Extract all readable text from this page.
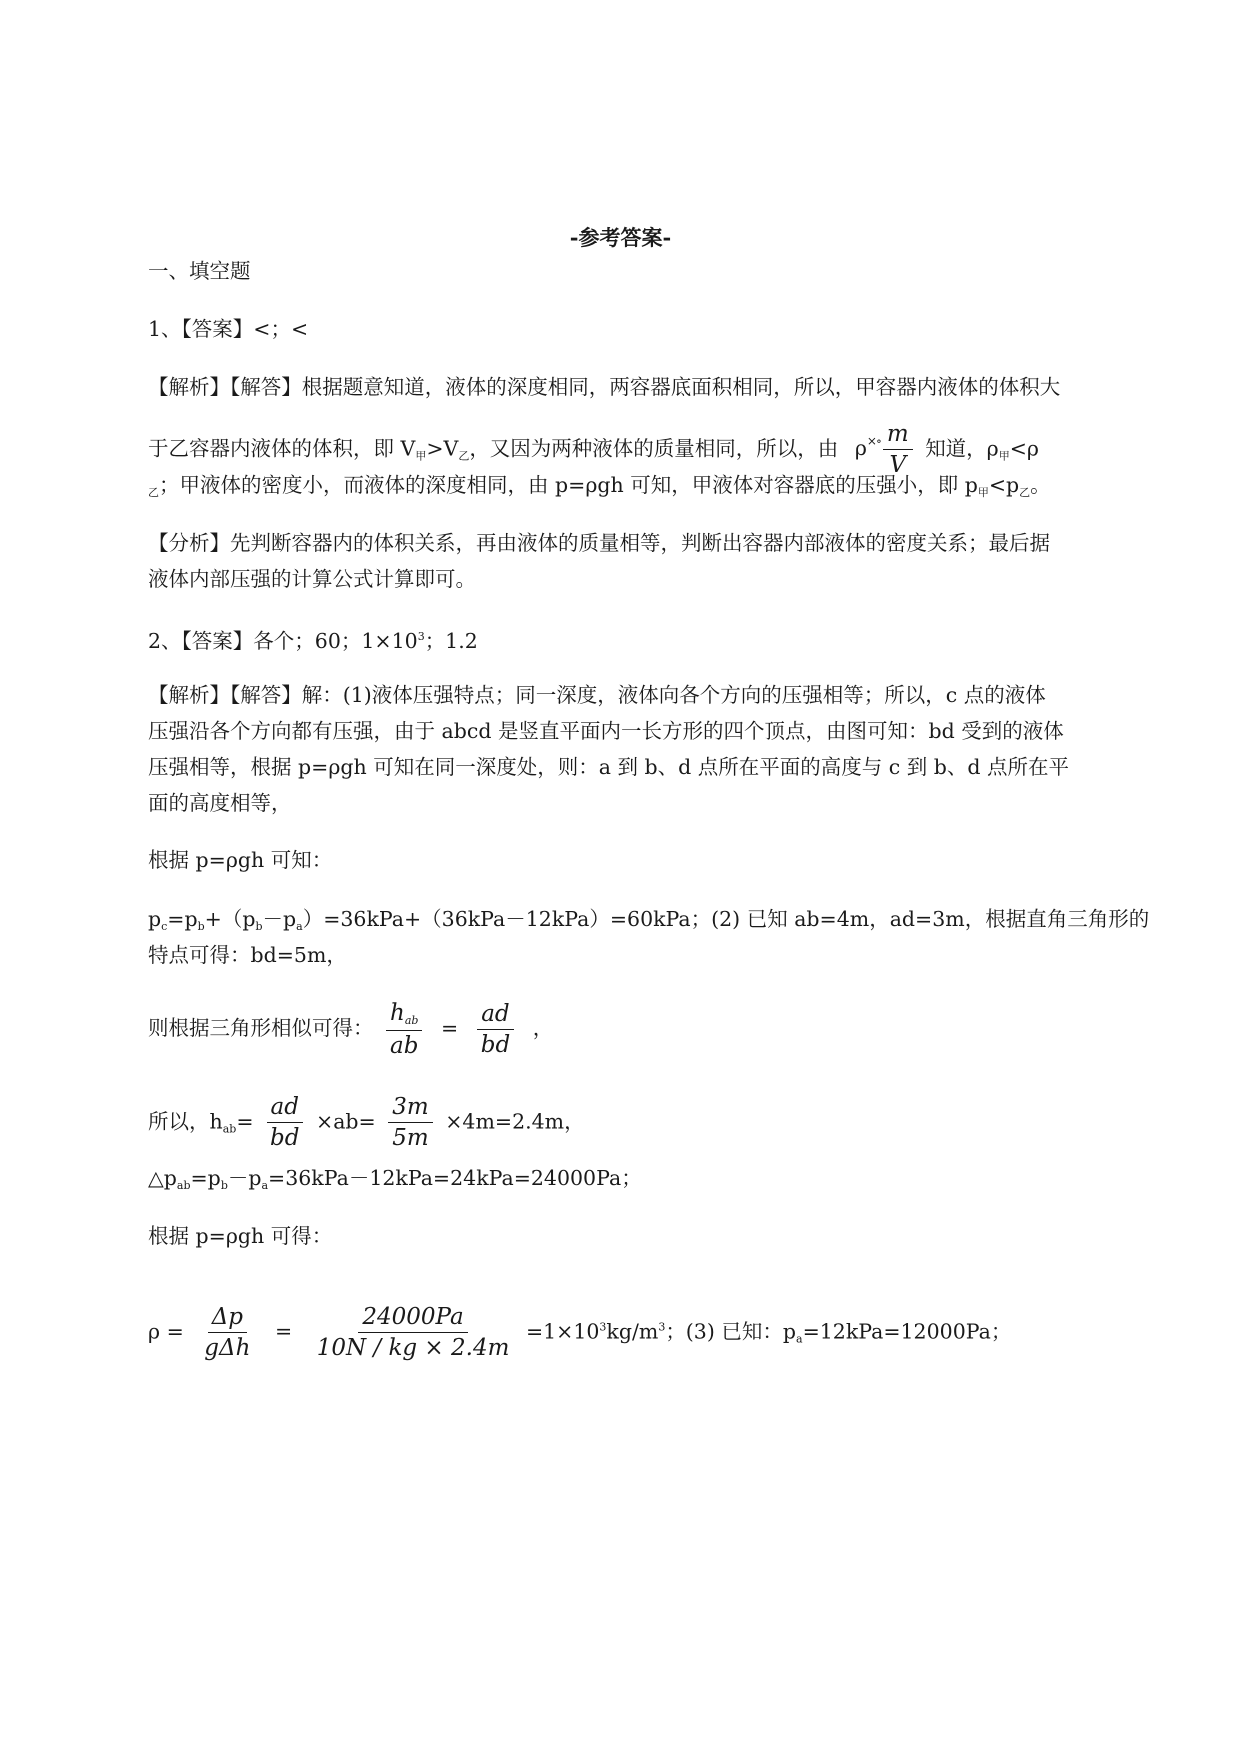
-参考答案-
一、填空题
1、【答案】<；<
【解析】【解答】根据题意知道，液体的深度相同，两容器底面积相同，所以，甲容器内液体的体积大
于乙容器内液体的体积，即 $V_甲>V_乙$，又因为两种液体的质量相同，所以，由 $\rho^{\times\circ} \frac{m}{V}$ 知道，$\rho_甲<\rho$
$_乙$；甲液体的密度小，而液体的深度相同，由 p=ρgh 可知，甲液体对容器底的压强小，即 $p_甲<p_乙$。
【分析】先判断容器内的体积关系，再由液体的质量相等，判断出容器内部液体的密度关系；最后据
液体内部压强的计算公式计算即可。
2、【答案】各个；60；$1\times 10^3$；1.2
【解析】【解答】解：(1)液体压强特点；同一深度，液体向各个方向的压强相等；所以，c 点的液体
压强沿各个方向都有压强，由于 abcd 是竖直平面内一长方形的四个顶点，由图可知：bd 受到的液体
压强相等，根据 p=ρgh 可知在同一深度处，则：a 到 b、d 点所在平面的高度与 c 到 b、d 点所在平
面的高度相等，
根据 p=ρgh 可知：
$p_c=p_b+(p_b-p_a)=36kPa+(36kPa-12kPa)=60kPa$；(2) 已知 ab=4m，ad=3m，根据直角三角形的
特点可得：bd=5m，
则根据三角形相似可得： $\frac{h_{ab}}{ab} = \frac{ad}{bd}$ ，
所以，$h_{ab}= \frac{ad}{bd} \times ab= \frac{3m}{5m} \times 4m=2.4m$，
$\triangle p_{ab}=p_b-p_a=36kPa-12kPa=24kPa=24000Pa$；
根据 p=ρgh 可得：
$\rho = \frac{\Delta p}{\text{gΔh}} = \frac{24000Pa}{10N / kg \times 2.4m} =1\times 10^3kg/m^3$；(3) 已知：$p_a=12kPa=12000Pa$；
